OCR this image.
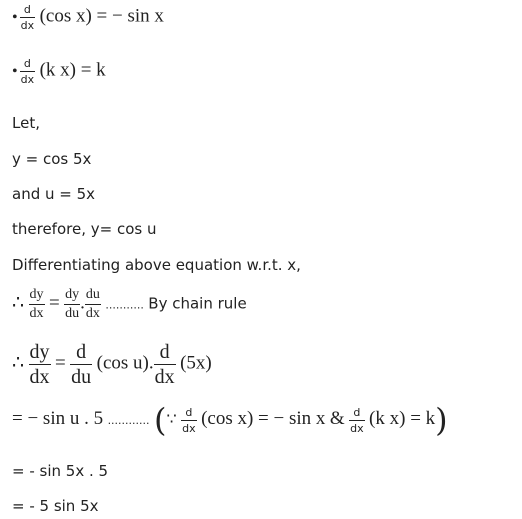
• $\frac{d}{dx} (\cos$ x) = − sin x
• $\frac{d}{dx} (k$ x) = k
Let,
y = cos 5x
and u = 5x
therefore, y= cos u
Differentiating above equation w.r.t. x,
∴ $\frac{dy}{dx} = \frac{dy}{du}$ . $\frac{du}{dx}$ ........... By chain rule
∴ $\frac{dy}{dx} = \frac{d}{du} (\cos$ u). $\frac{d}{dx} (5x)$
= − sin u . 5 ............ (∵ $\frac{d}{dx} (\cos$ x) = − sin x & $\frac{d}{dx} (k$ x) = k)
= - sin 5x . 5
= - 5 sin 5x
